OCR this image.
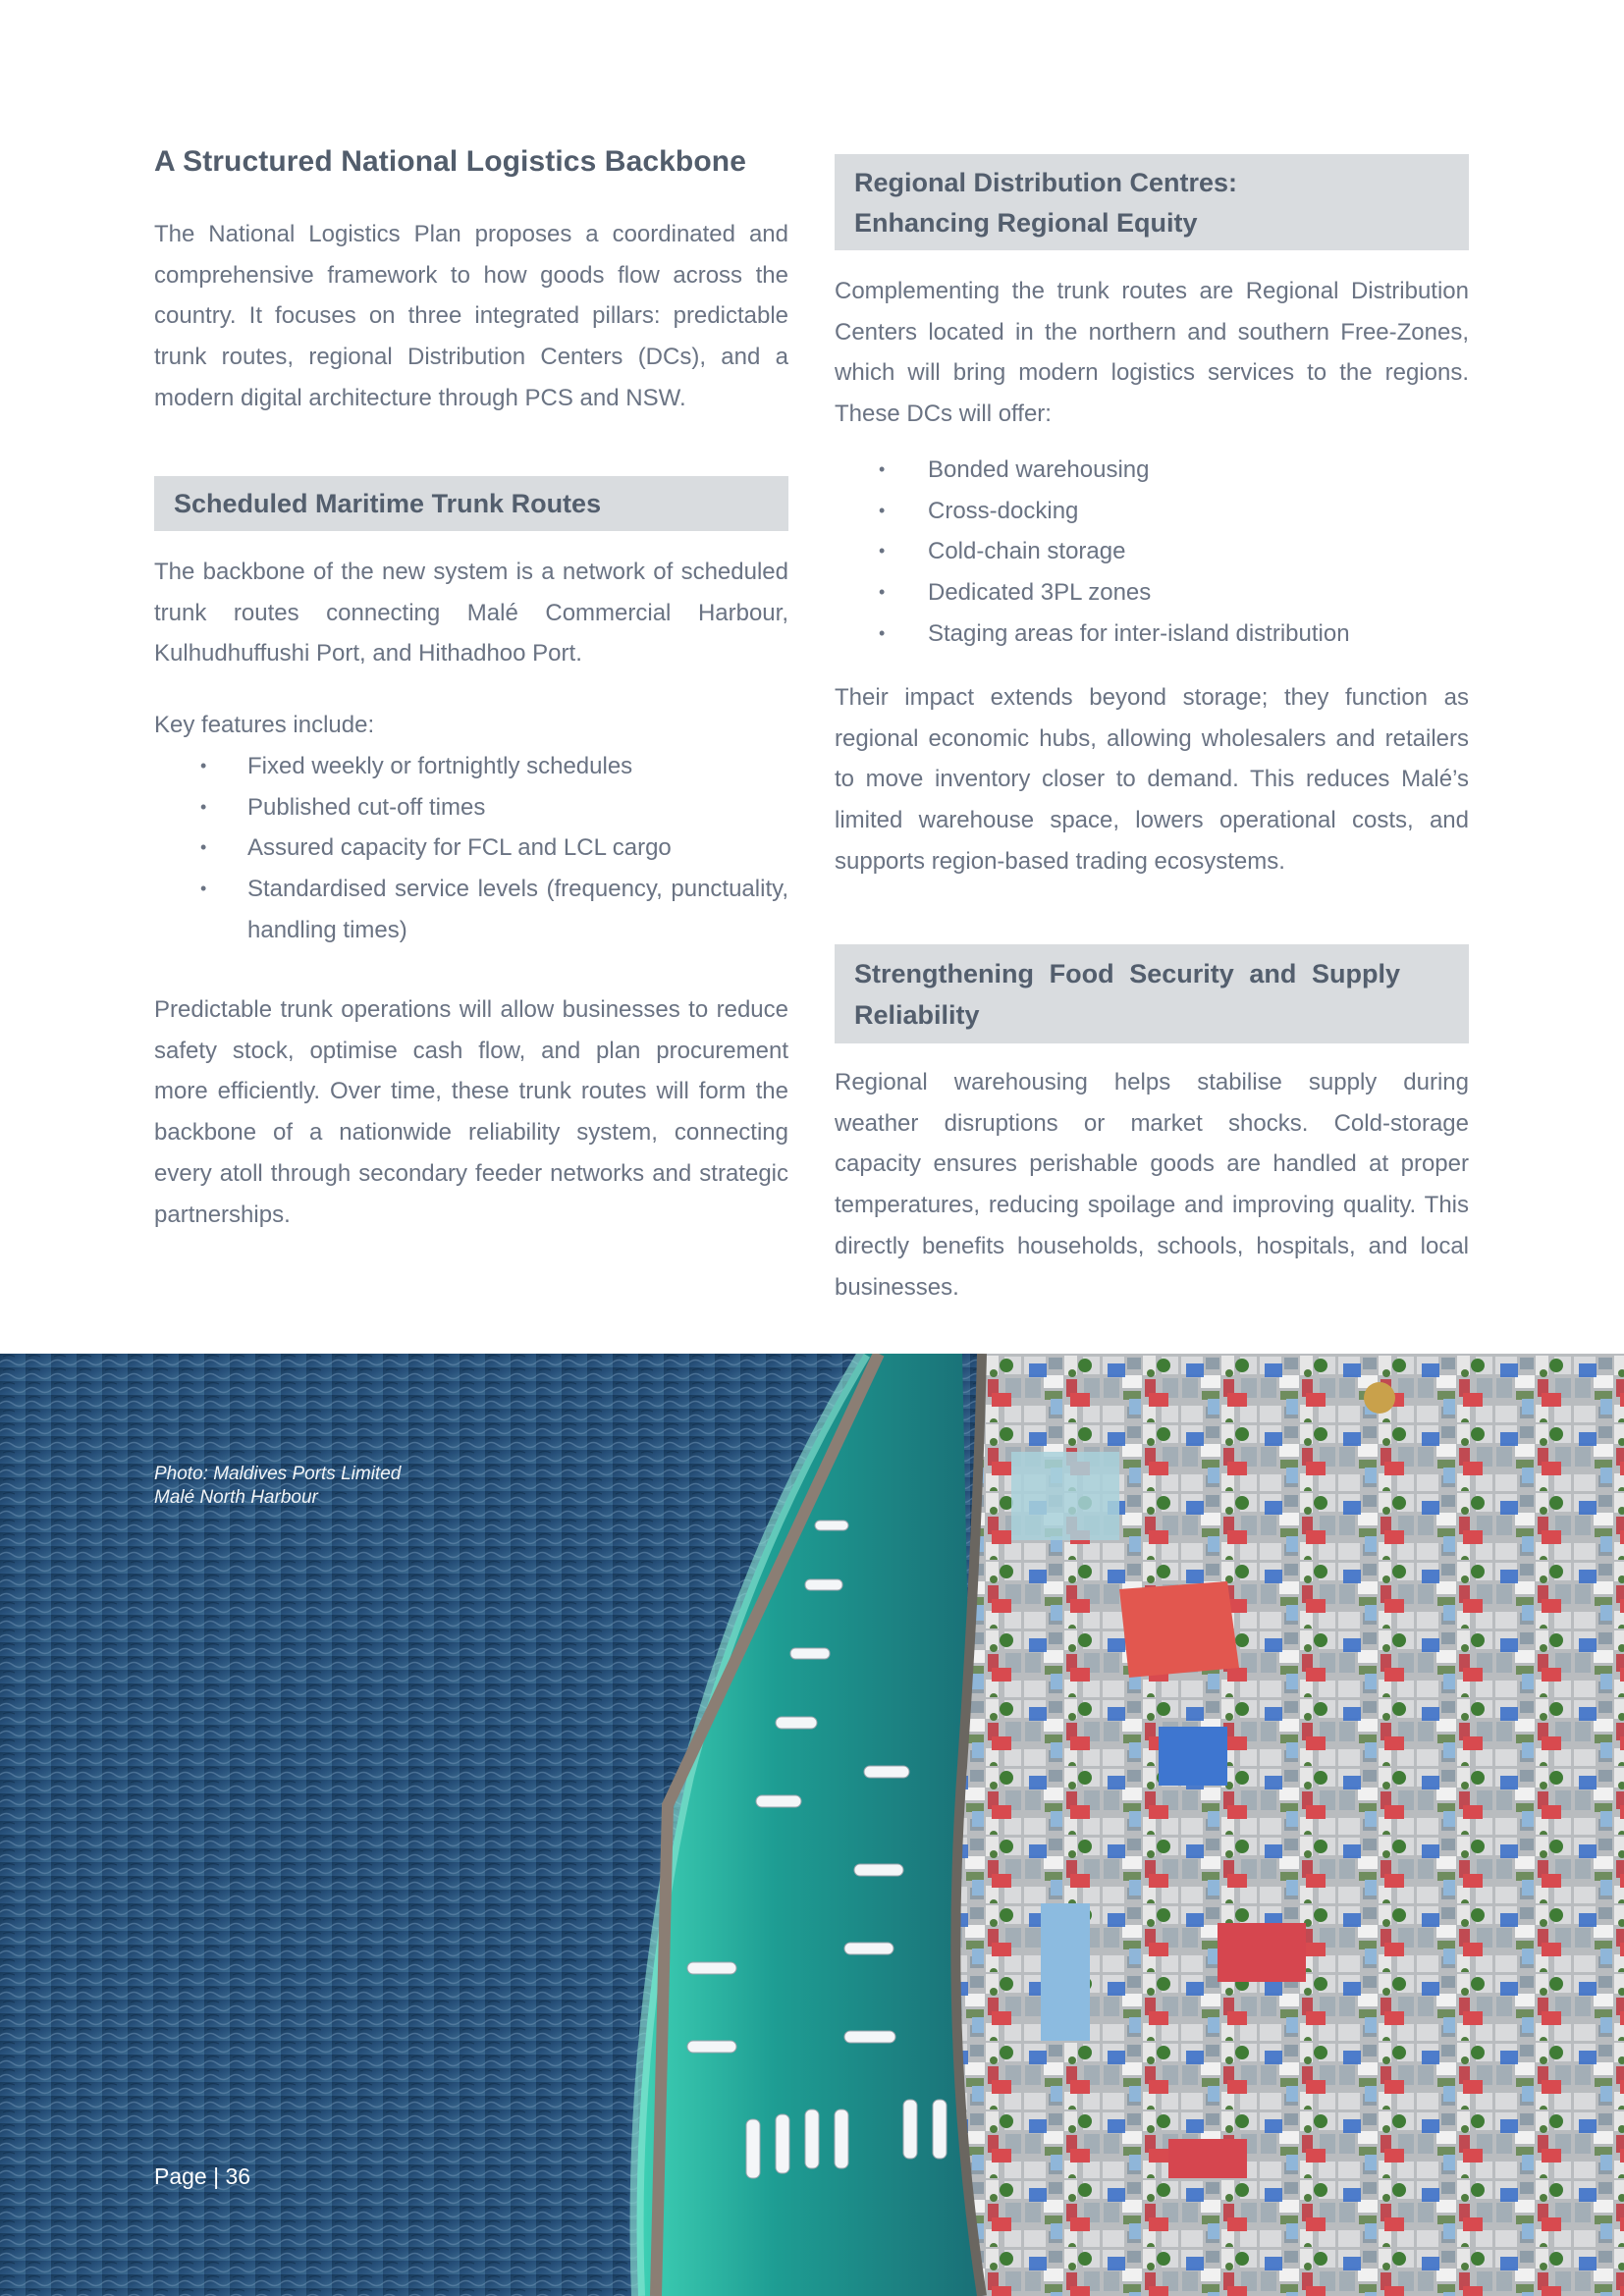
A Structured National Logistics Backbone
The National Logistics Plan proposes a coordinated and
comprehensive framework to how goods flow across the
country. It focuses on three integrated pillars: predictable
trunk routes, regional Distribution Centers (DCs), and a
modern digital architecture through PCS and NSW.
Scheduled Maritime Trunk Routes
The backbone of the new system is a network of scheduled
trunk routes connecting Malé Commercial Harbour,
Kulhudhuffushi Port, and Hithadhoo Port.
Key features include:
• Fixed weekly or fortnightly schedules
• Published cut-off times
• Assured capacity for FCL and LCL cargo
• Standardised service levels (frequency, punctuality,
handling times)
Predictable trunk operations will allow businesses to reduce
safety stock, optimise cash flow, and plan procurement
more efficiently. Over time, these trunk routes will form the
backbone of a nationwide reliability system, connecting
every atoll through secondary feeder networks and strategic
partnerships.
Regional Distribution Centres:
Enhancing Regional Equity
Complementing the trunk routes are Regional Distribution
Centers located in the northern and southern Free-Zones,
which will bring modern logistics services to the regions.
These DCs will offer:
• Bonded warehousing
• Cross-docking
• Cold-chain storage
• Dedicated 3PL zones
• Staging areas for inter-island distribution
Their impact extends beyond storage; they function as
regional economic hubs, allowing wholesalers and retailers
to move inventory closer to demand. This reduces Malé’s
limited warehouse space, lowers operational costs, and
supports region-based trading ecosystems.
Strengthening Food Security and Supply
Reliability
Regional warehousing helps stabilise supply during
weather disruptions or market shocks. Cold-storage
capacity ensures perishable goods are handled at proper
temperatures, reducing spoilage and improving quality. This
directly benefits households, schools, hospitals, and local
businesses.
Photo: Maldives Ports Limited
Malé North Harbour
Page | 36
